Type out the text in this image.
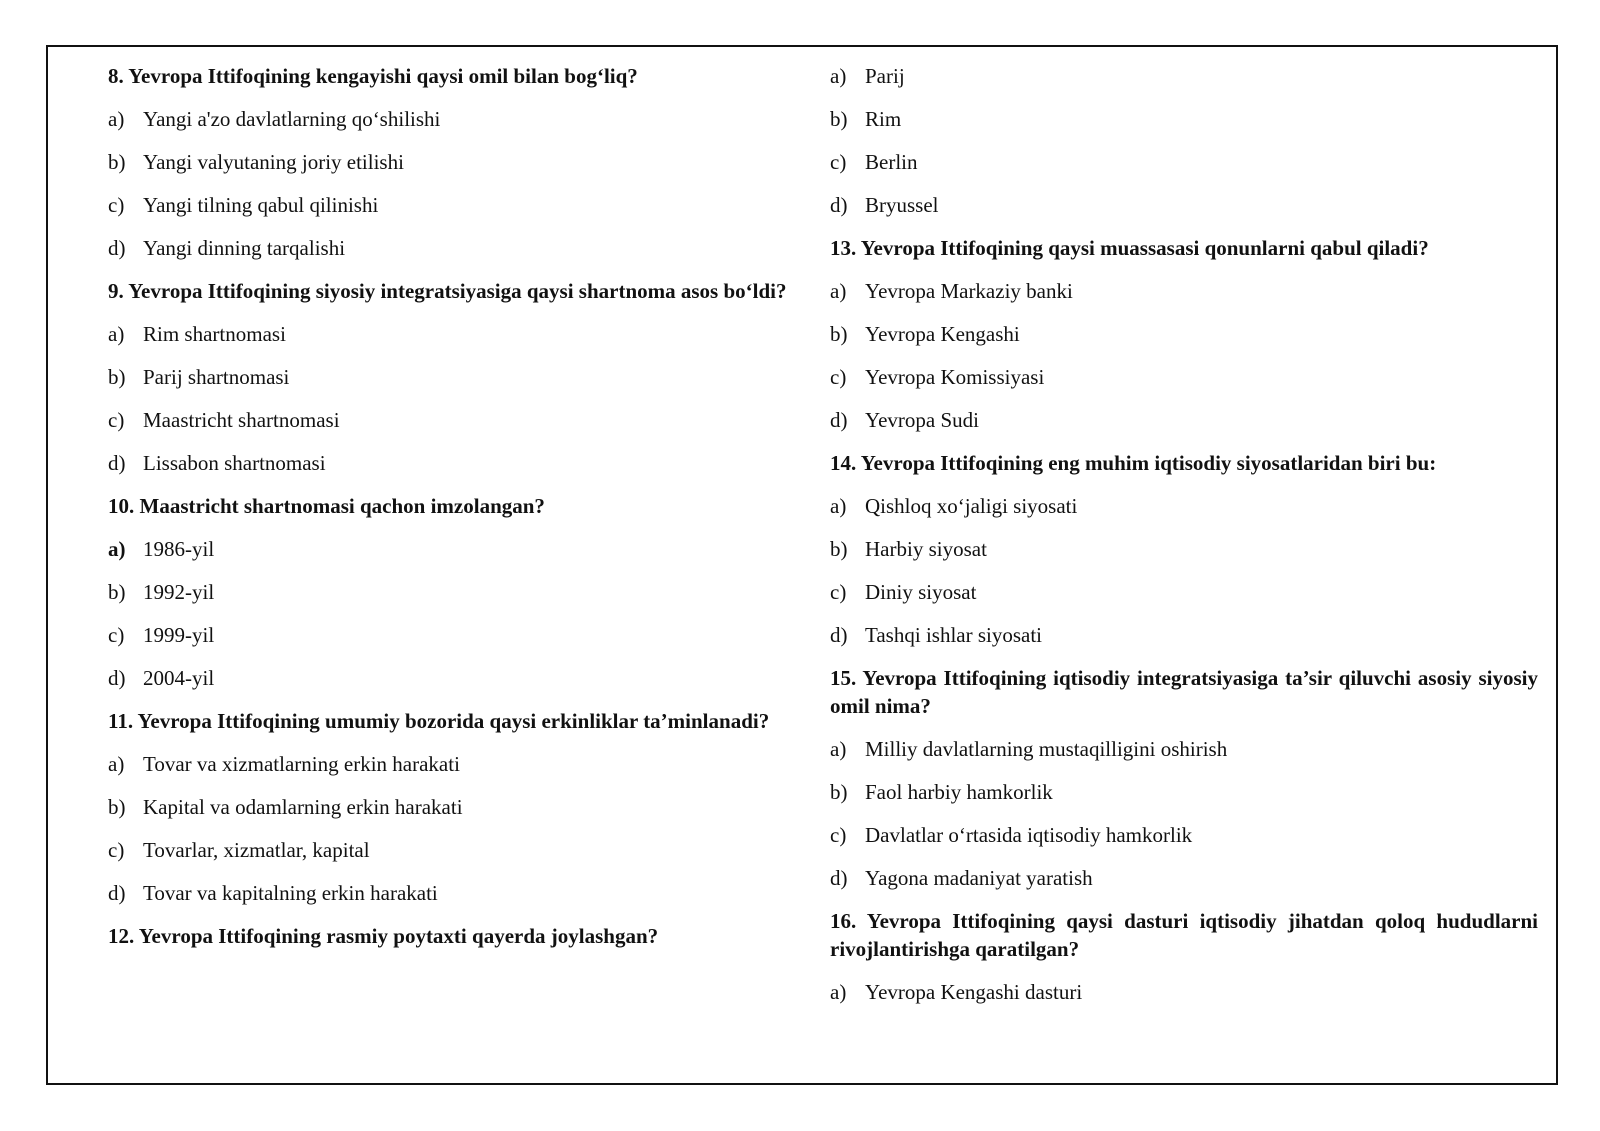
8. Yevropa Ittifoqining kengayishi qaysi omil bilan bog‘liq?
a) Yangi a'zo davlatlarning qo‘shilishi
b) Yangi valyutaning joriy etilishi
c) Yangi tilning qabul qilinishi
d) Yangi dinning tarqalishi
9. Yevropa Ittifoqining siyosiy integratsiyasiga qaysi shartnoma asos bo‘ldi?
a) Rim shartnomasi
b) Parij shartnomasi
c) Maastricht shartnomasi
d) Lissabon shartnomasi
10. Maastricht shartnomasi qachon imzolangan?
a) 1986-yil
b) 1992-yil
c) 1999-yil
d) 2004-yil
11. Yevropa Ittifoqining umumiy bozorida qaysi erkinliklar ta’minlanadi?
a) Tovar va xizmatlarning erkin harakati
b) Kapital va odamlarning erkin harakati
c) Tovarlar, xizmatlar, kapital
d) Tovar va kapitalning erkin harakati
12. Yevropa Ittifoqining rasmiy poytaxti qayerda joylashgan?
a) Parij
b) Rim
c) Berlin
d) Bryussel
13. Yevropa Ittifoqining qaysi muassasasi qonunlarni qabul qiladi?
a) Yevropa Markaziy banki
b) Yevropa Kengashi
c) Yevropa Komissiyasi
d) Yevropa Sudi
14. Yevropa Ittifoqining eng muhim iqtisodiy siyosatlaridan biri bu:
a) Qishloq xo‘jaligi siyosati
b) Harbiy siyosat
c) Diniy siyosat
d) Tashqi ishlar siyosati
15. Yevropa Ittifoqining iqtisodiy integratsiyasiga ta’sir qiluvchi asosiy siyosiy omil nima?
a) Milliy davlatlarning mustaqilligini oshirish
b) Faol harbiy hamkorlik
c) Davlatlar o‘rtasida iqtisodiy hamkorlik
d) Yagona madaniyat yaratish
16. Yevropa Ittifoqining qaysi dasturi iqtisodiy jihatdan qoloq hududlarni rivojlantirishga qaratilgan?
a) Yevropa Kengashi dasturi
